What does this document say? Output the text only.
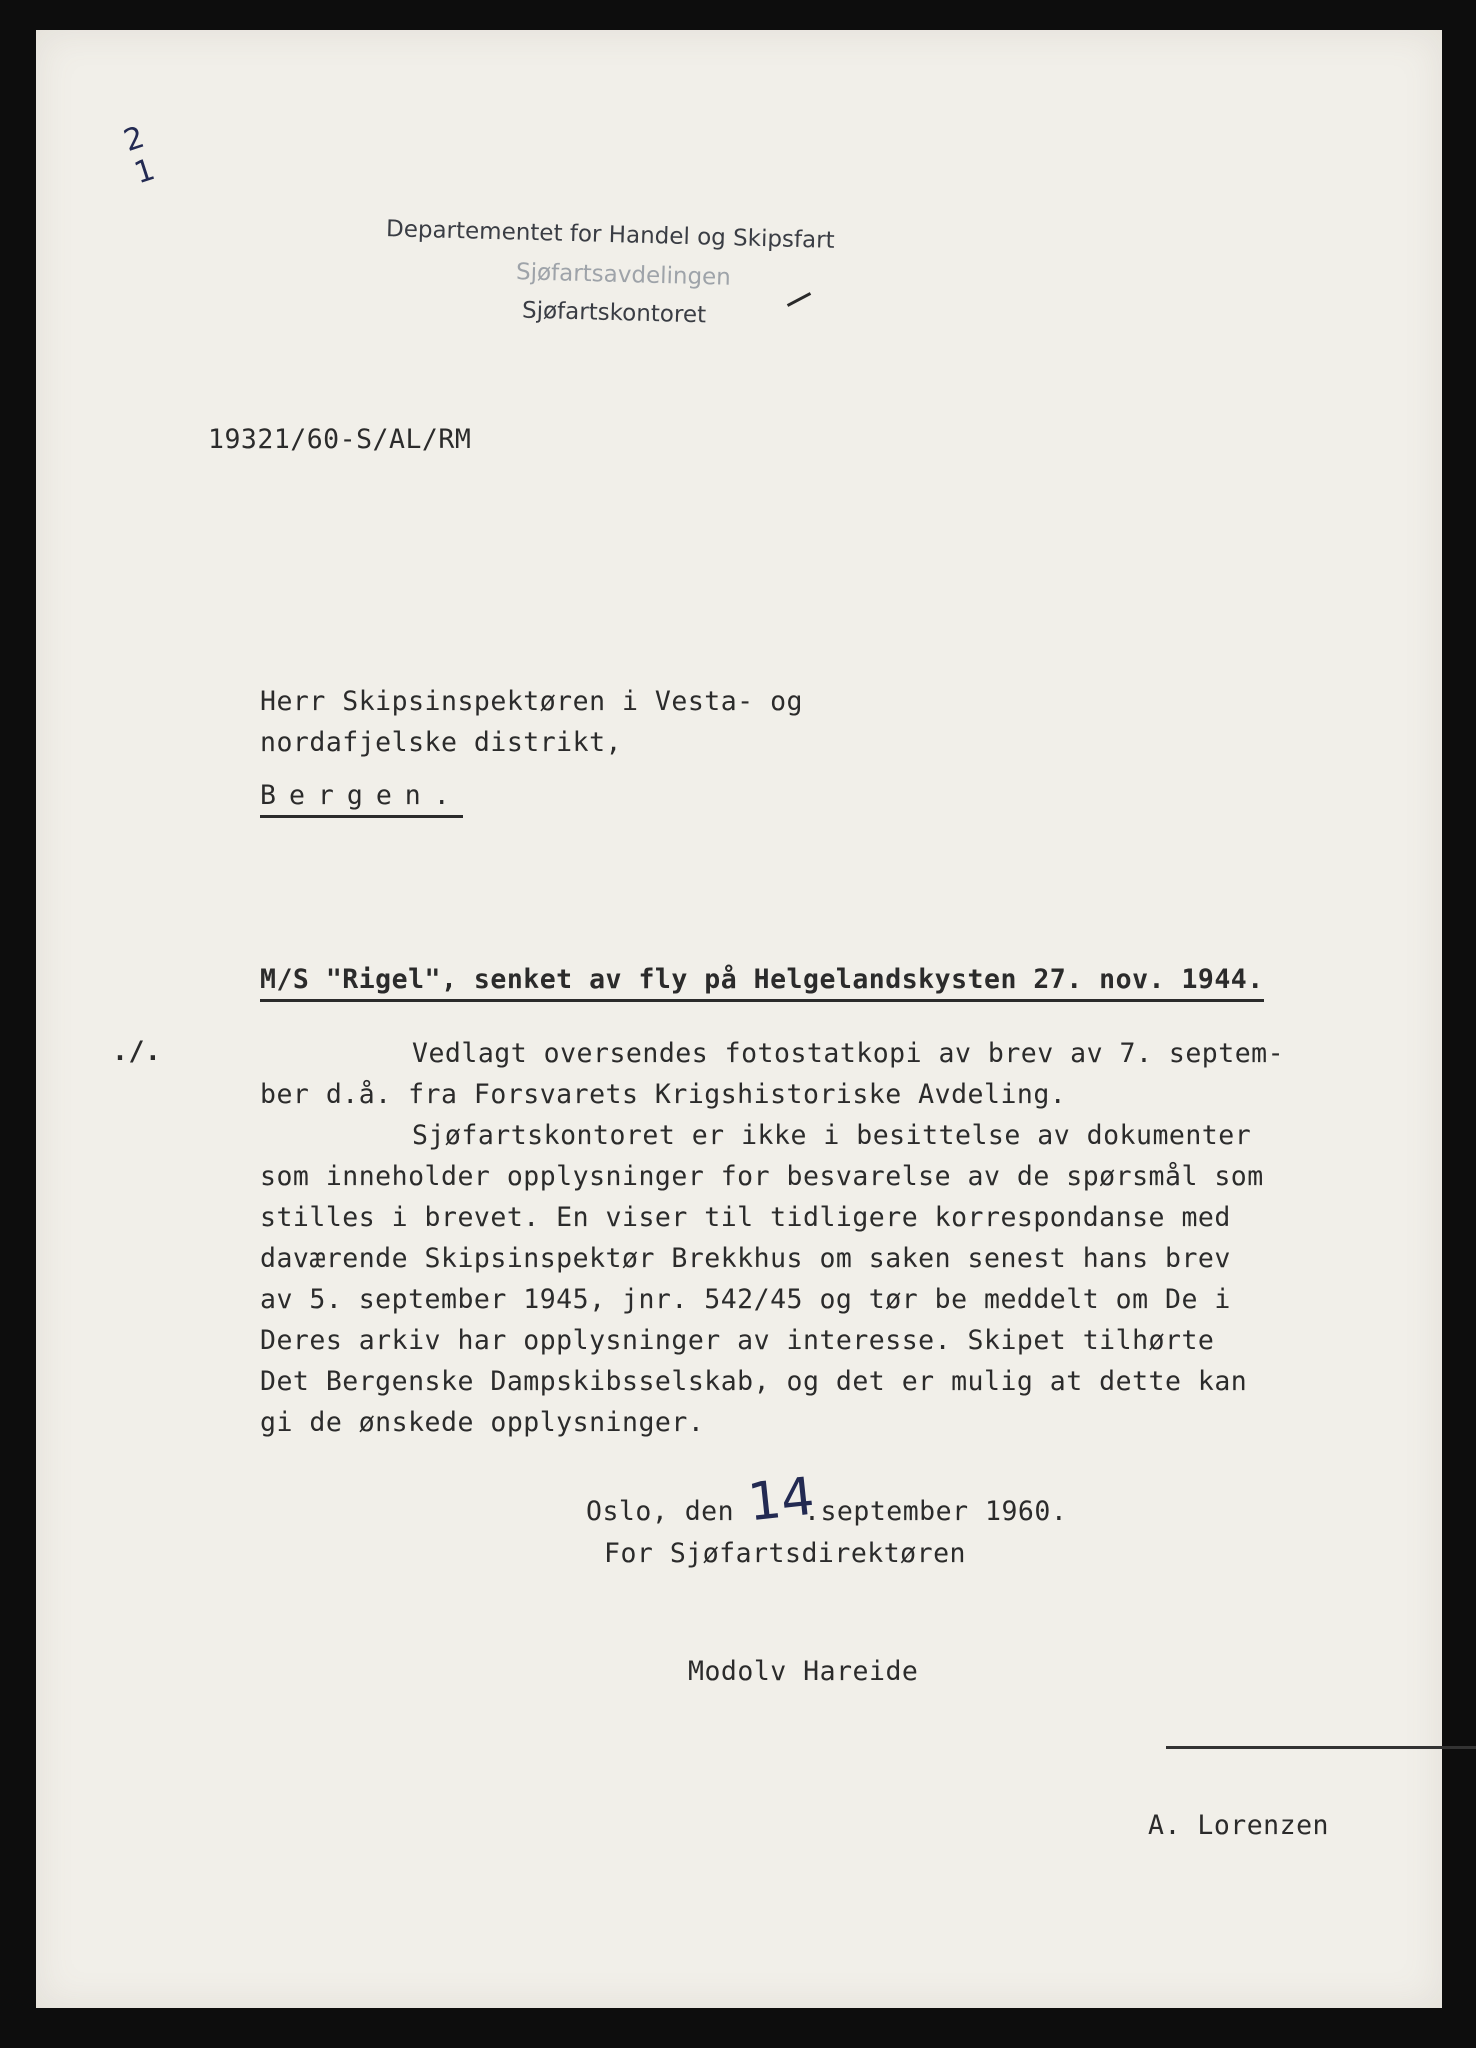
2
1
Departementet for Handel og Skipsfart
Sjøfartsavdelingen
Sjøfartskontoret
19321/60-S/AL/RM
Herr Skipsinspektøren i Vesta- og
nordafjelske distrikt,
Bergen.
M/S "Rigel", senket av fly på Helgelandskysten 27. nov. 1944.
./.	Vedlagt oversendes fotostatkopi av brev av 7. septem-
ber d.å. fra Forsvarets Krigshistoriske Avdeling.
Sjøfartskontoret er ikke i besittelse av dokumenter
som inneholder opplysninger for besvarelse av de spørsmål som
stilles i brevet. En viser til tidligere korrespondanse med
daværende Skipsinspektør Brekkhus om saken senest hans brev
av 5. september 1945, jnr. 542/45 og tør be meddelt om De i
Deres arkiv har opplysninger av interesse. Skipet tilhørte
Det Bergenske Dampskibsselskab, og det er mulig at dette kan
gi de ønskede opplysninger.
Oslo, den 14
.september 1960.
For Sjøfartsdirektøren
Modolv Hareide
A. Lorenzen
